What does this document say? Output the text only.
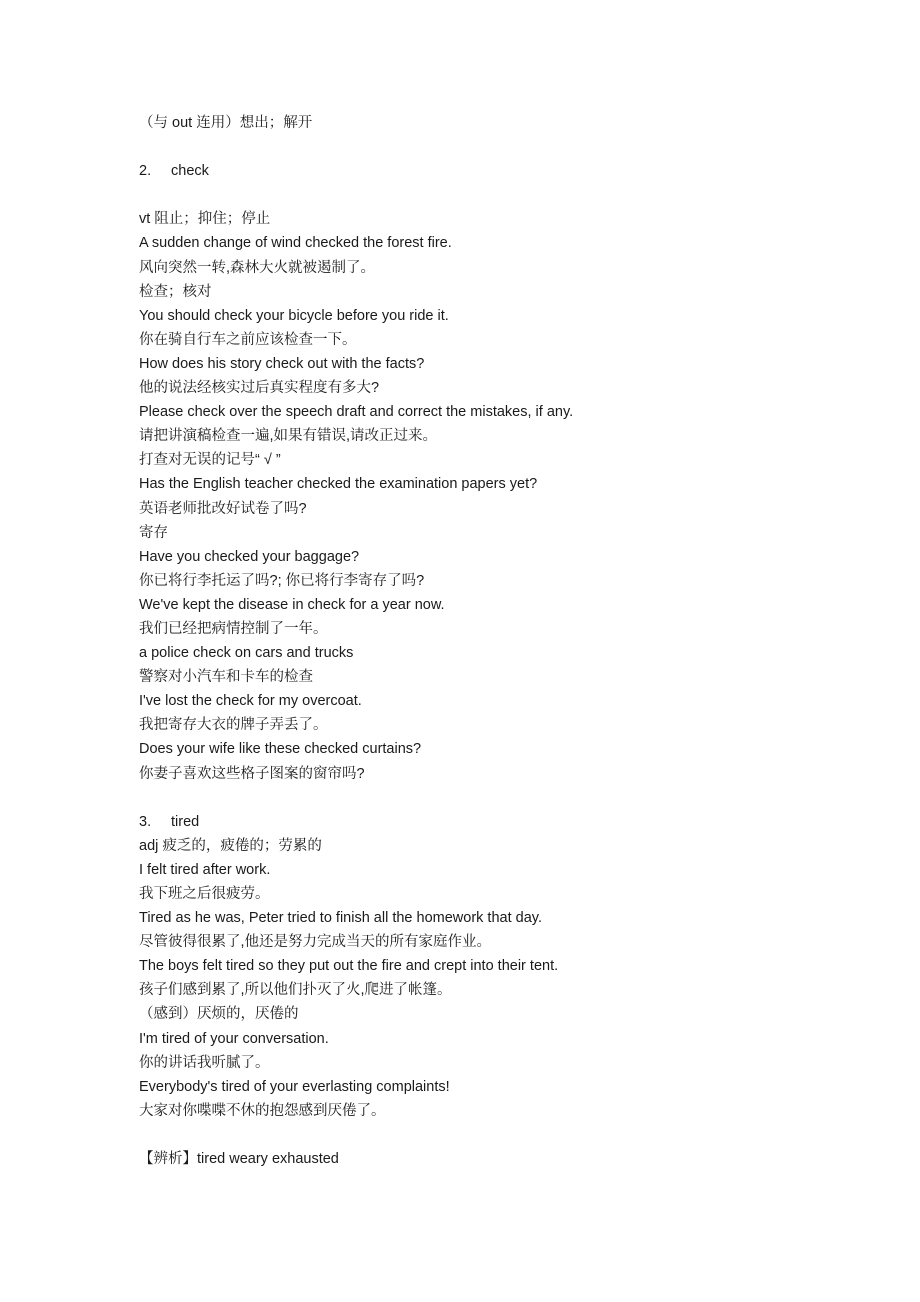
（与 out 连用）想出；解开
2. check
vt 阻止；抑住；停止
A sudden change of wind checked the forest fire.
风向突然一转,森林大火就被遏制了。
检查；核对
You should check your bicycle before you ride it.
你在骑自行车之前应该检查一下。
How does his story check out with the facts?
他的说法经核实过后真实程度有多大?
Please check over the speech draft and correct the mistakes, if any.
请把讲演稿检查一遍,如果有错误,请改正过来。
打查对无误的记号“ √ ”
Has the English teacher checked the examination papers yet?
英语老师批改好试卷了吗?
寄存
Have you checked your baggage?
你已将行李托运了吗?; 你已将行李寄存了吗?
We've kept the disease in check for a year now.
我们已经把病情控制了一年。
a police check on cars and trucks
警察对小汽车和卡车的检查
I've lost the check for my overcoat.
我把寄存大衣的牌子弄丢了。
Does your wife like these checked curtains?
你妻子喜欢这些格子图案的窗帘吗?
3. tired
adj 疲乏的，疲倦的；劳累的
I felt tired after work.
我下班之后很疲劳。
Tired as he was, Peter tried to finish all the homework that day.
尽管彼得很累了,他还是努力完成当天的所有家庭作业。
The boys felt tired so they put out the fire and crept into their tent.
孩子们感到累了,所以他们扑灭了火,爬进了帐篷。
（感到）厌烦的，厌倦的
I'm tired of your conversation.
你的讲话我听腻了。
Everybody's tired of your everlasting complaints!
大家对你喋喋不休的抱怨感到厌倦了。
【辨析】tired weary exhausted
